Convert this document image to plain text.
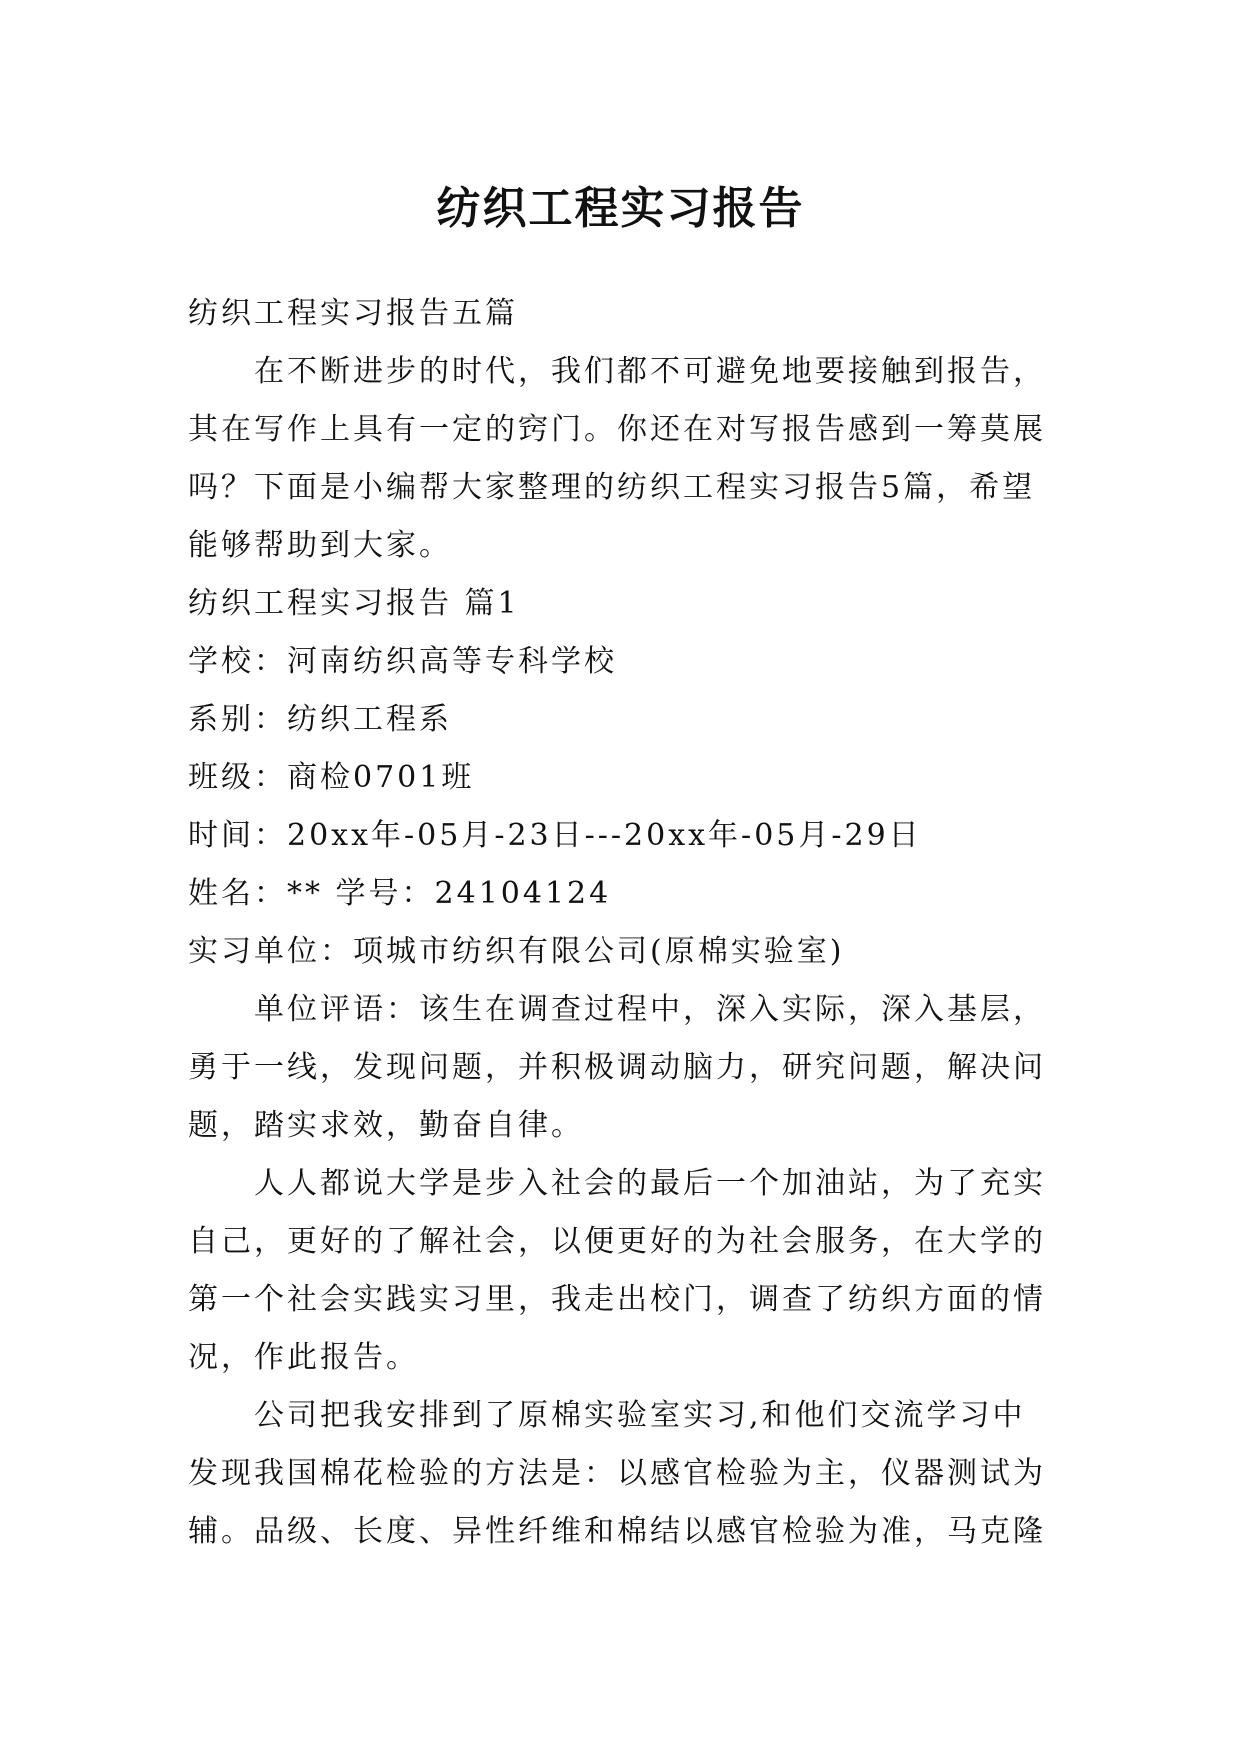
纺织工程实习报告

纺织工程实习报告五篇

在不断进步的时代，我们都不可避免地要接触到报告，其在写作上具有一定的窍门。你还在对写报告感到一筹莫展吗？下面是小编帮大家整理的纺织工程实习报告5篇，希望能够帮助到大家。

纺织工程实习报告 篇1

学校：河南纺织高等专科学校

系别：纺织工程系

班级：商检0701班

时间：20xx年-05月-23日---20xx年-05月-29日

姓名：** 学号：24104124

实习单位：项城市纺织有限公司(原棉实验室)

单位评语：该生在调查过程中，深入实际，深入基层，勇于一线，发现问题，并积极调动脑力，研究问题，解决问题，踏实求效，勤奋自律。

人人都说大学是步入社会的最后一个加油站，为了充实自己，更好的了解社会，以便更好的为社会服务，在大学的第一个社会实践实习里，我走出校门，调查了纺织方面的情况，作此报告。

公司把我安排到了原棉实验室实习,和他们交流学习中发现我国棉花检验的方法是：以感官检验为主，仪器测试为辅。品级、长度、异性纤维和棉结以感官检验为准，马克隆
